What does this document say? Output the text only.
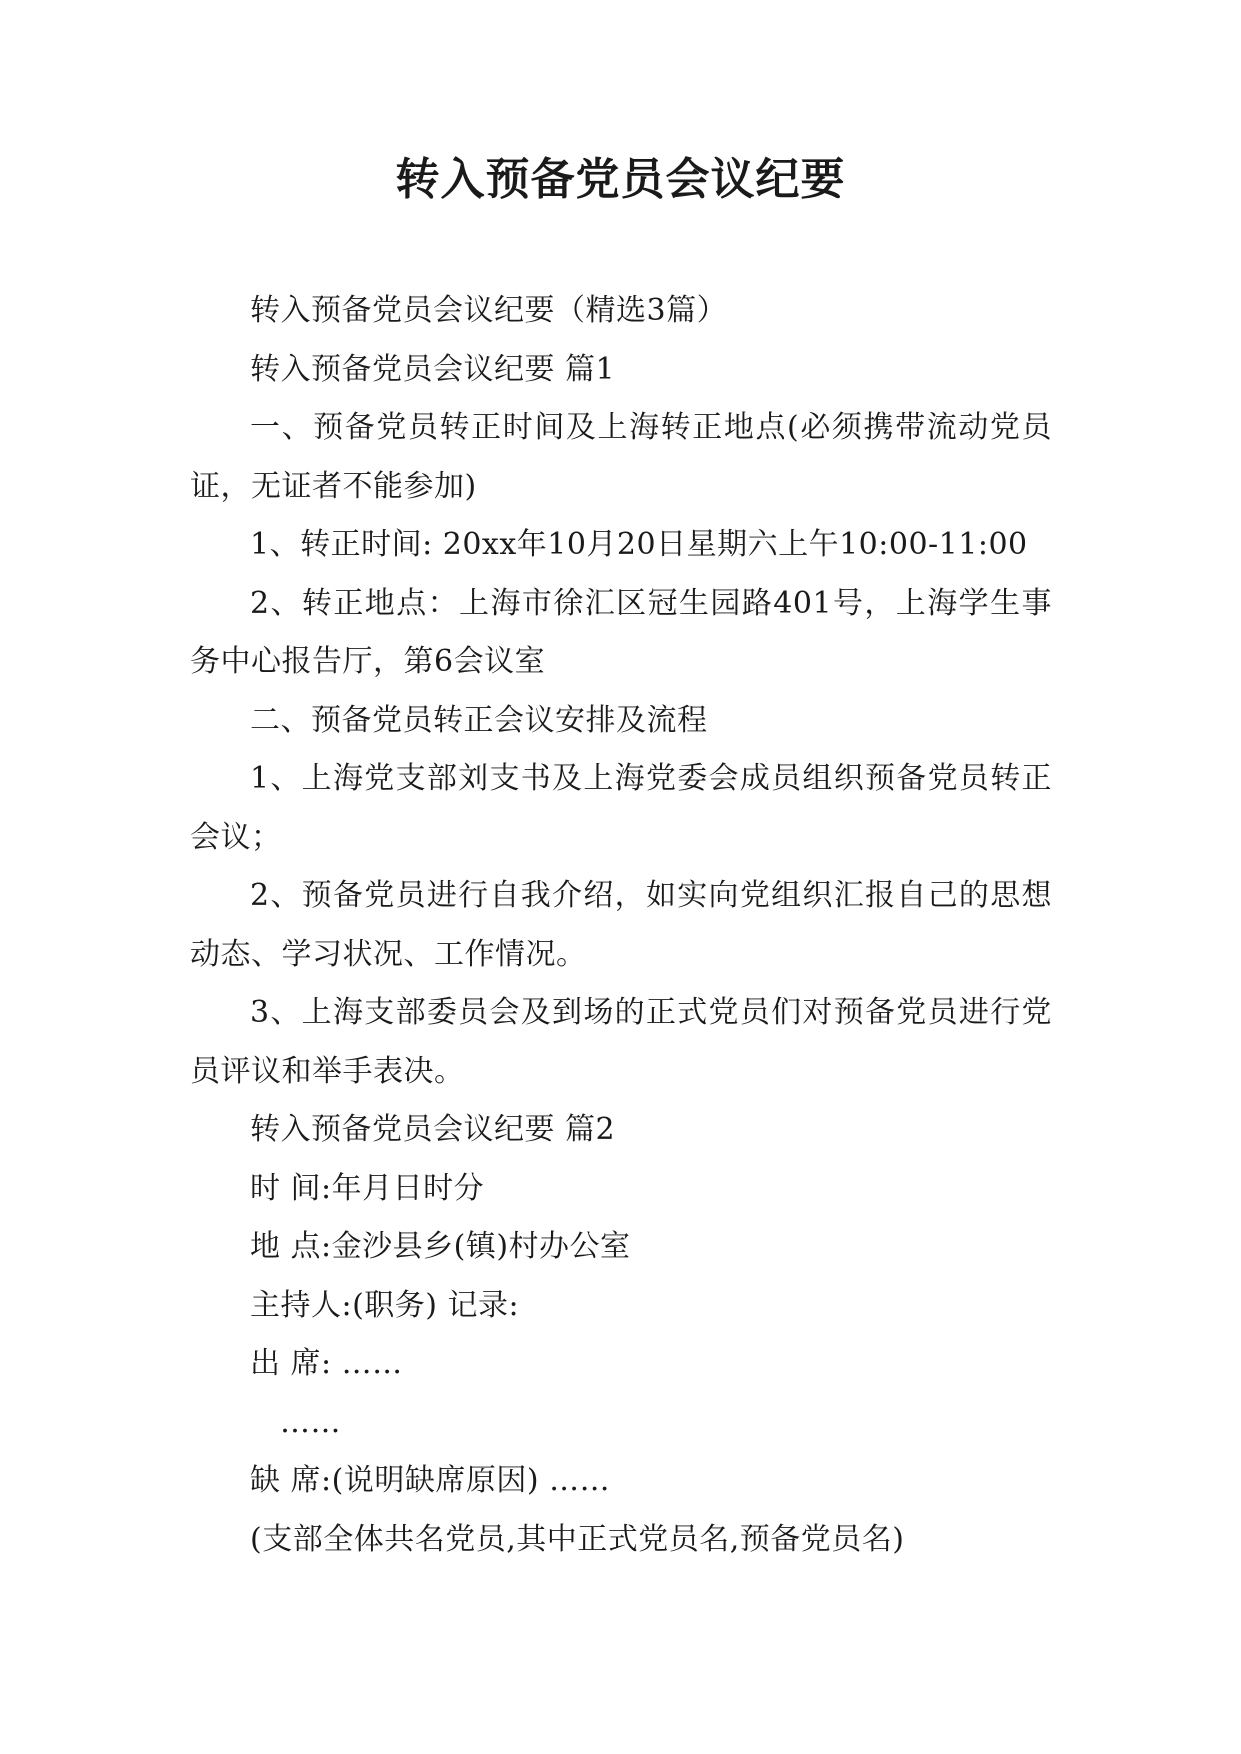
转入预备党员会议纪要

转入预备党员会议纪要（精选3篇）

转入预备党员会议纪要 篇1

一、预备党员转正时间及上海转正地点(必须携带流动党员证，无证者不能参加)

1、转正时间: 20xx年10月20日星期六上午10:00-11:00

2、转正地点：上海市徐汇区冠生园路401号，上海学生事务中心报告厅，第6会议室

二、预备党员转正会议安排及流程

1、上海党支部刘支书及上海党委会成员组织预备党员转正会议；

2、预备党员进行自我介绍，如实向党组织汇报自己的思想动态、学习状况、工作情况。

3、上海支部委员会及到场的正式党员们对预备党员进行党员评议和举手表决。

转入预备党员会议纪要 篇2

时 间:年月日时分

地 点:金沙县乡(镇)村办公室

主持人:(职务) 记录:

出 席: ……

……

缺 席:(说明缺席原因) ……

(支部全体共名党员,其中正式党员名,预备党员名)
